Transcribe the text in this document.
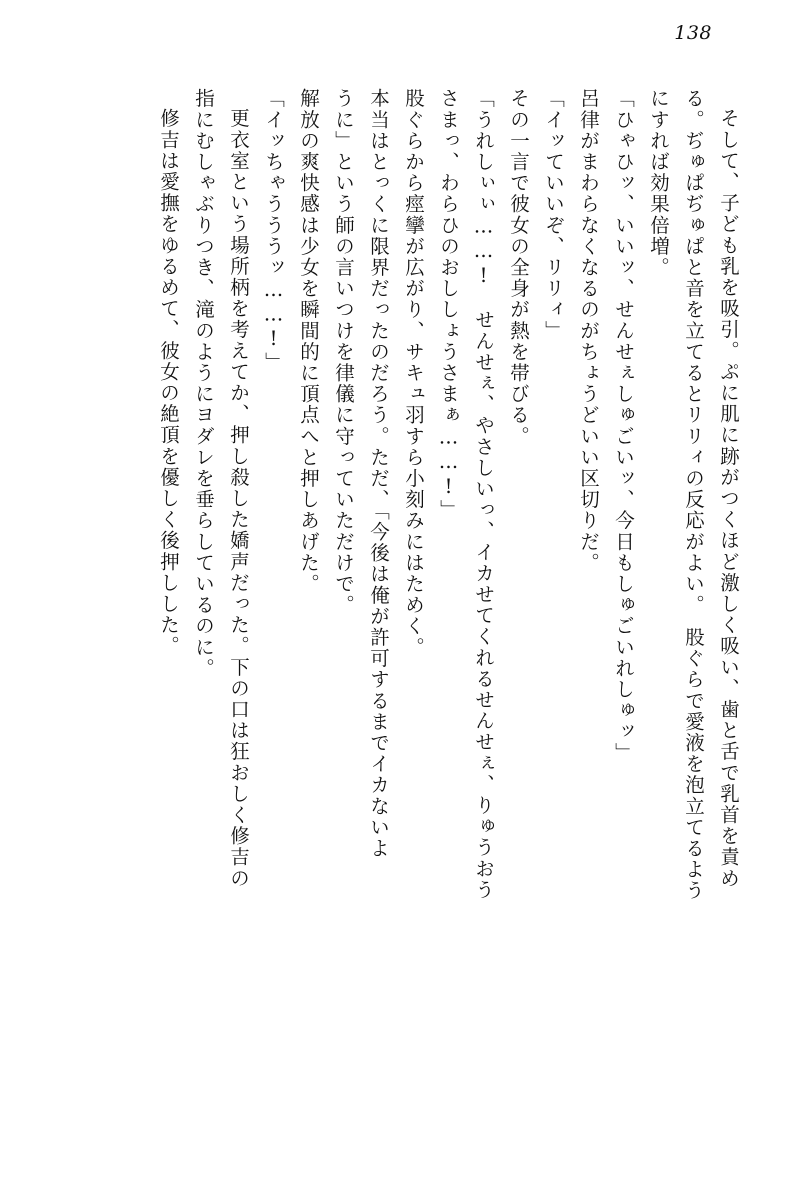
138
そして、子ども乳を吸引。ぷに肌に跡がつくほど激しく吸い、歯と舌で乳首を責め
る。ぢゅぱぢゅぱと音を立てるとリリィの反応がよい。　股ぐらで愛液を泡立てるよう
にすれば効果倍増。
「ひゃひッ、いいッ、せんせぇしゅごいッ、今日もしゅごいれしゅッ」
呂律がまわらなくなるのがちょうどいい区切りだ。
「イッていいぞ、リリィ」
その一言で彼女の全身が熱を帯びる。
「うれしぃぃ……!　せんせぇ、やさしいっ、イカせてくれるせんせぇ、りゅうおう
さまっ、わらひのおししょうさまぁ……!」
股ぐらから痙攣が広がり、サキュ羽すら小刻みにはためく。
本当はとっくに限界だったのだろう。ただ、「今後は俺が許可するまでイカないよ
うに」という師の言いつけを律儀に守っていただけで。
解放の爽快感は少女を瞬間的に頂点へと押しあげた。
「イッちゃうううッ……!」
更衣室という場所柄を考えてか、押し殺した嬌声だった。下の口は狂おしく修吉の
指にむしゃぶりつき、滝のようにヨダレを垂らしているのに。
修吉は愛撫をゆるめて、彼女の絶頂を優しく後押しした。
